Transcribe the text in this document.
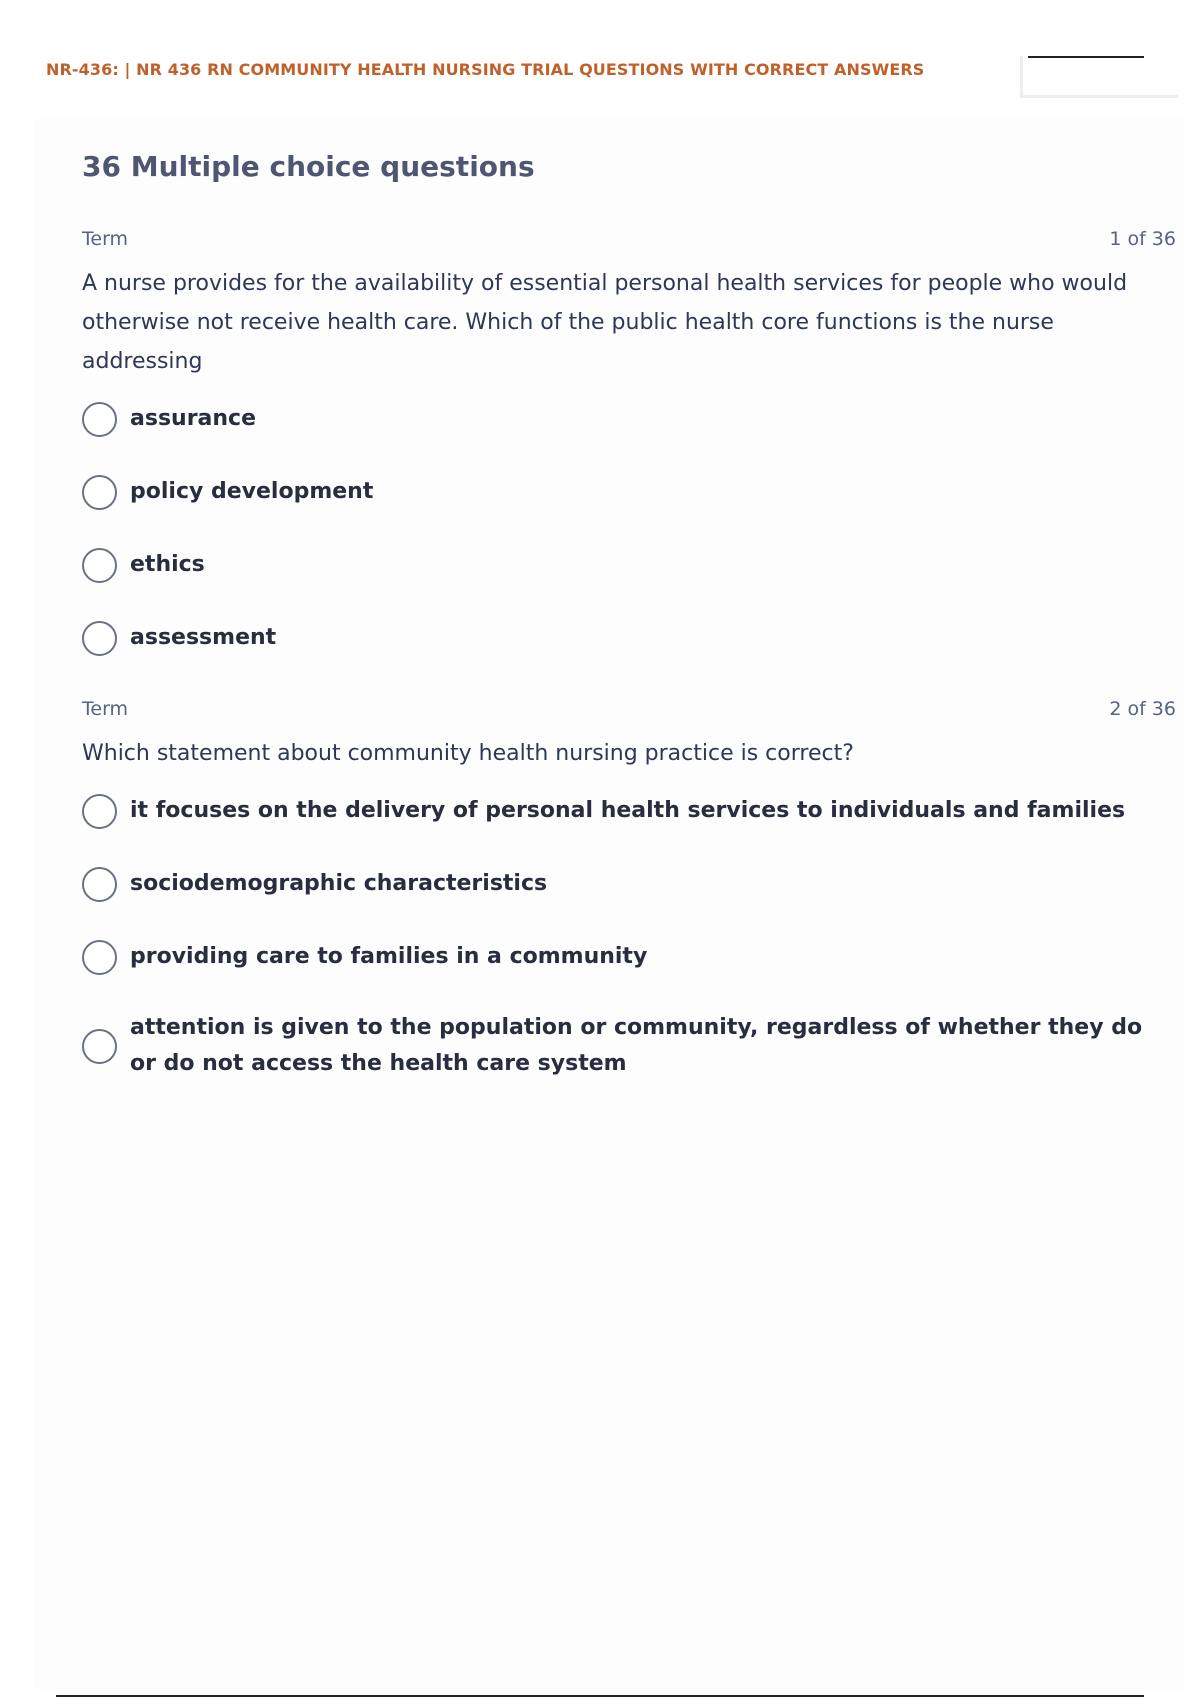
NR-436: | NR 436 RN COMMUNITY HEALTH NURSING TRIAL QUESTIONS WITH CORRECT ANSWERS
36 Multiple choice questions
Term	1 of 36

A nurse provides for the availability of essential personal health services for people who would otherwise not receive health care. Which of the public health core functions is the nurse addressing

assurance
policy development
ethics
assessment
Term	2 of 36

Which statement about community health nursing practice is correct?

it focuses on the delivery of personal health services to individuals and families
sociodemographic characteristics
providing care to families in a community
attention is given to the population or community, regardless of whether they do or do not access the health care system
